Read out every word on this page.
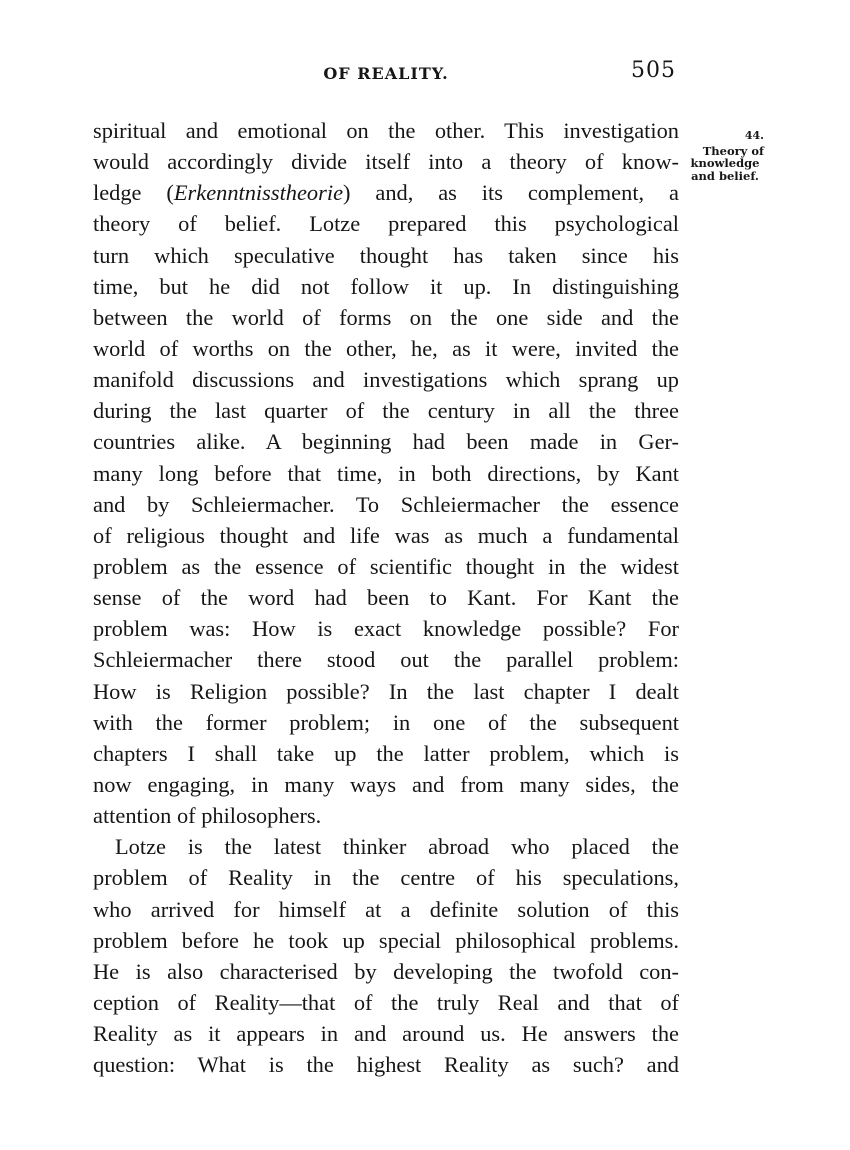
OF REALITY.	505
44.
Theory of
knowledge
and belief.
spiritual and emotional on the other. This investigation
would accordingly divide itself into a theory of know-
ledge (Erkenntnisstheorie) and, as its complement, a
theory of belief. Lotze prepared this psychological
turn which speculative thought has taken since his
time, but he did not follow it up. In distinguishing
between the world of forms on the one side and the
world of worths on the other, he, as it were, invited the
manifold discussions and investigations which sprang up
during the last quarter of the century in all the three
countries alike. A beginning had been made in Ger-
many long before that time, in both directions, by Kant
and by Schleiermacher. To Schleiermacher the essence
of religious thought and life was as much a fundamental
problem as the essence of scientific thought in the widest
sense of the word had been to Kant. For Kant the
problem was: How is exact knowledge possible? For
Schleiermacher there stood out the parallel problem:
How is Religion possible? In the last chapter I dealt
with the former problem; in one of the subsequent
chapters I shall take up the latter problem, which is
now engaging, in many ways and from many sides, the
attention of philosophers.
Lotze is the latest thinker abroad who placed the
problem of Reality in the centre of his speculations,
who arrived for himself at a definite solution of this
problem before he took up special philosophical problems.
He is also characterised by developing the twofold con-
ception of Reality—that of the truly Real and that of
Reality as it appears in and around us. He answers the
question: What is the highest Reality as such? and
